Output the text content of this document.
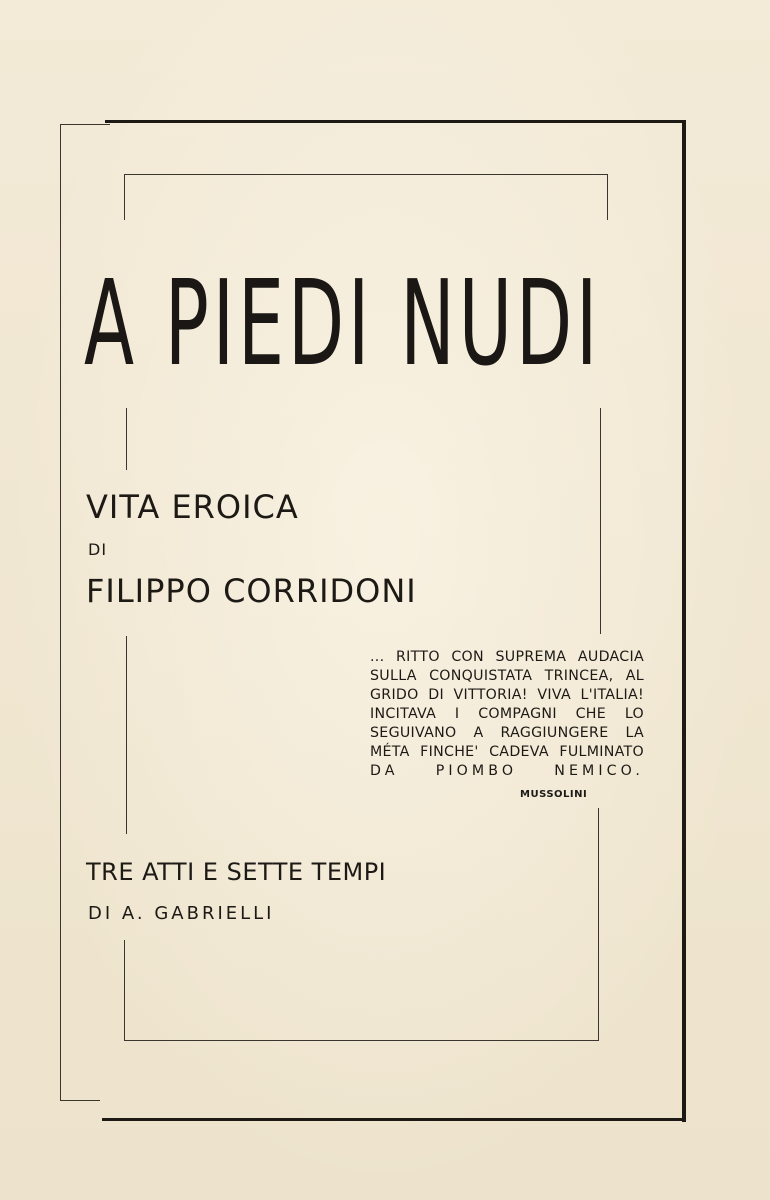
A PIEDI NUDI
VITA EROICA
DI
FILIPPO CORRIDONI
... RITTO CON SUPREMA AUDACIA
SULLA CONQUISTATA TRINCEA, AL
GRIDO DI VITTORIA! VIVA L'ITALIA!
INCITAVA I COMPAGNI CHE LO
SEGUIVANO A RAGGIUNGERE LA
MÉTA FINCHE' CADEVA FULMINATO
DA PIOMBO NEMICO.
MUSSOLINI
TRE ATTI E SETTE TEMPI
DI A. GABRIELLI
